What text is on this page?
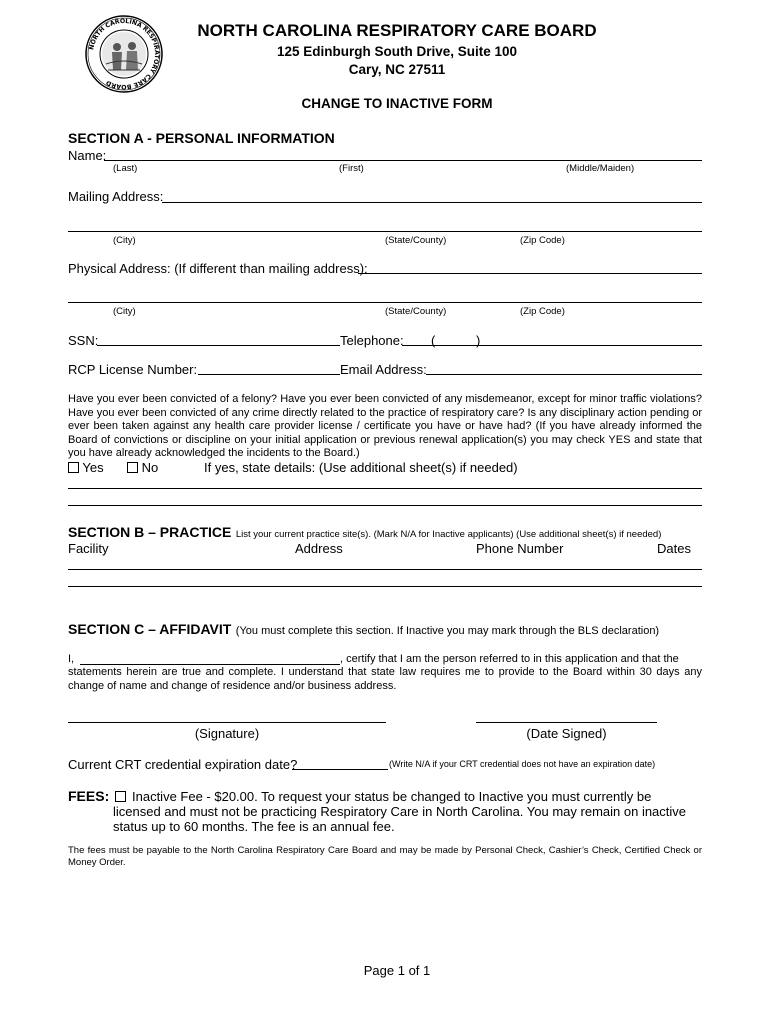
NORTH CAROLINA RESPIRATORY CARE BOARD
NORTH CAROLINA RESPIRATORY CARE BOARD
125 Edinburgh South Drive, Suite 100
Cary, NC 27511
CHANGE TO INACTIVE FORM
SECTION A - PERSONAL INFORMATION
Name:
(Last)	(First)	(Middle/Maiden)
Mailing Address:
(City)	(State/County)	(Zip Code)
Physical Address: (If different than mailing address):
(City)	(State/County)	(Zip Code)
SSN:	Telephone: (	)
RCP License Number:	Email Address:
Have you ever been convicted of a felony? Have you ever been convicted of any misdemeanor, except for minor traffic violations? Have you ever been convicted of any crime directly related to the practice of respiratory care? Is any disciplinary action pending or ever been taken against any health care provider license / certificate you have or have had? (If you have already informed the Board of convictions or discipline on your initial application or previous renewal application(s) you may check YES and state that you have already acknowledged the incidents to the Board.)
Yes	No	If yes, state details: (Use additional sheet(s) if needed)
SECTION B – PRACTICE List your current practice site(s). (Mark N/A for Inactive applicants) (Use additional sheet(s) if needed)
Facility	Address	Phone Number	Dates
SECTION C – AFFIDAVIT (You must complete this section. If Inactive you may mark through the BLS declaration)
I,	, certify that I am the person referred to in this application and that the
statements herein are true and complete. I understand that state law requires me to provide to the Board within 30 days any change of name and change of residence and/or business address.
(Signature)	(Date Signed)
Current CRT credential expiration date?	(Write N/A if your CRT credential does not have an expiration date)
FEES:	Inactive Fee - $20.00. To request your status be changed to Inactive you must currently be licensed and must not be practicing Respiratory Care in North Carolina. You may remain on inactive status up to 60 months. The fee is an annual fee.
The fees must be payable to the North Carolina Respiratory Care Board and may be made by Personal Check, Cashier’s Check, Certified Check or Money Order.
Page 1 of 1
